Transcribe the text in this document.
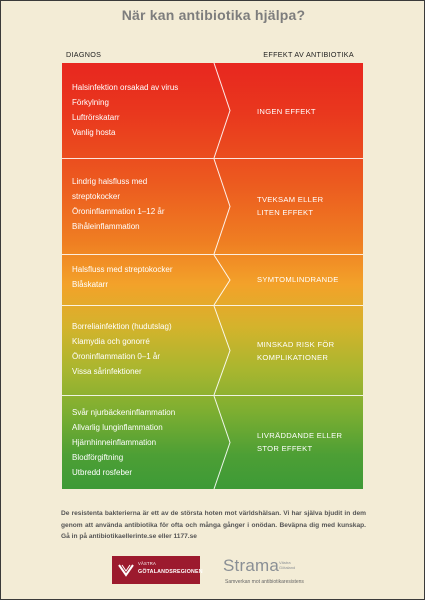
När kan antibiotika hjälpa?
DIAGNOS	EFFEKT AV ANTIBIOTIKA
Halsinfektion orsakad av virus
Förkylning
Luftrörskatarr
Vanlig hosta
INGEN EFFEKT
Lindrig halsfluss med
streptokocker
Öroninflammation 1–12 år
Bihåleinflammation
TVEKSAM ELLER
LITEN EFFEKT
Halsfluss med streptokocker
Blåskatarr
SYMTOMLINDRANDE
Borreliainfektion (hudutslag)
Klamydia och gonorré
Öroninflammation 0–1 år
Vissa sårinfektioner
MINSKAD RISK FÖR
KOMPLIKATIONER
Svår njurbäckeninflammation
Allvarlig lunginflammation
Hjärnhinneinflammation
Blodförgiftning
Utbredd rosfeber
LIVRÄDDANDE ELLER
STOR EFFEKT
De resistenta bakterierna är ett av de största hoten mot världshälsan. Vi har själva bjudit in dem genom att använda antibiotika för ofta och många gånger i onödan. Beväpna dig med kunskap. Gå in på antibiotikaellerinte.se eller 1177.se
VÄSTRA
GÖTALANDSREGIONEN Strama Västra
Götaland
Samverkan mot antibiotikaresistens
